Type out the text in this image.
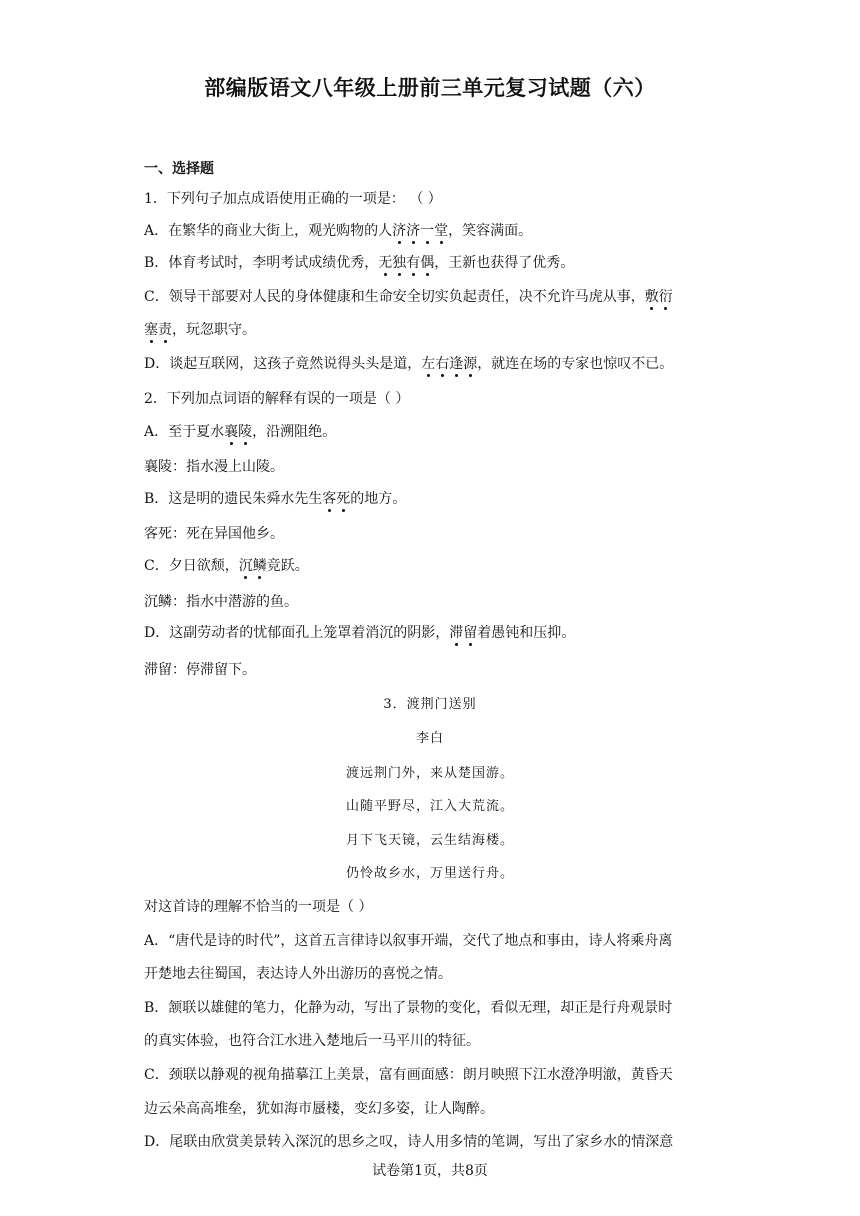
部编版语文八年级上册前三单元复习试题（六）
一、选择题
1．下列句子加点成语使用正确的一项是： （ ）
A．在繁华的商业大街上，观光购物的人济济一堂，笑容满面。
B．体育考试时，李明考试成绩优秀，无独有偶，王新也获得了优秀。
C．领导干部要对人民的身体健康和生命安全切实负起责任，决不允许马虎从事，敷衍
塞责，玩忽职守。
D．谈起互联网，这孩子竟然说得头头是道，左右逢源，就连在场的专家也惊叹不已。
2．下列加点词语的解释有误的一项是（ ）
A．至于夏水襄陵，沿溯阻绝。
襄陵：指水漫上山陵。
B．这是明的遗民朱舜水先生客死的地方。
客死：死在异国他乡。
C．夕日欲颓，沉鳞竞跃。
沉鳞：指水中潜游的鱼。
D．这副劳动者的忧郁面孔上笼罩着消沉的阴影，滞留着愚钝和压抑。
滞留：停滞留下。
3．渡荆门送别
李白
渡远荆门外，来从楚国游。
山随平野尽，江入大荒流。
月下飞天镜，云生结海楼。
仍怜故乡水，万里送行舟。
对这首诗的理解不恰当的一项是（ ）
A．“唐代是诗的时代”，这首五言律诗以叙事开端，交代了地点和事由，诗人将乘舟离
开楚地去往蜀国，表达诗人外出游历的喜悦之情。
B．颔联以雄健的笔力，化静为动，写出了景物的变化，看似无理，却正是行舟观景时
的真实体验，也符合江水进入楚地后一马平川的特征。
C．颈联以静观的视角描摹江上美景，富有画面感：朗月映照下江水澄净明澈，黄昏天
边云朵高高堆垒，犹如海市蜃楼，变幻多姿，让人陶醉。
D．尾联由欣赏美景转入深沉的思乡之叹，诗人用多情的笔调，写出了家乡水的情深意
试卷第1页，共8页
